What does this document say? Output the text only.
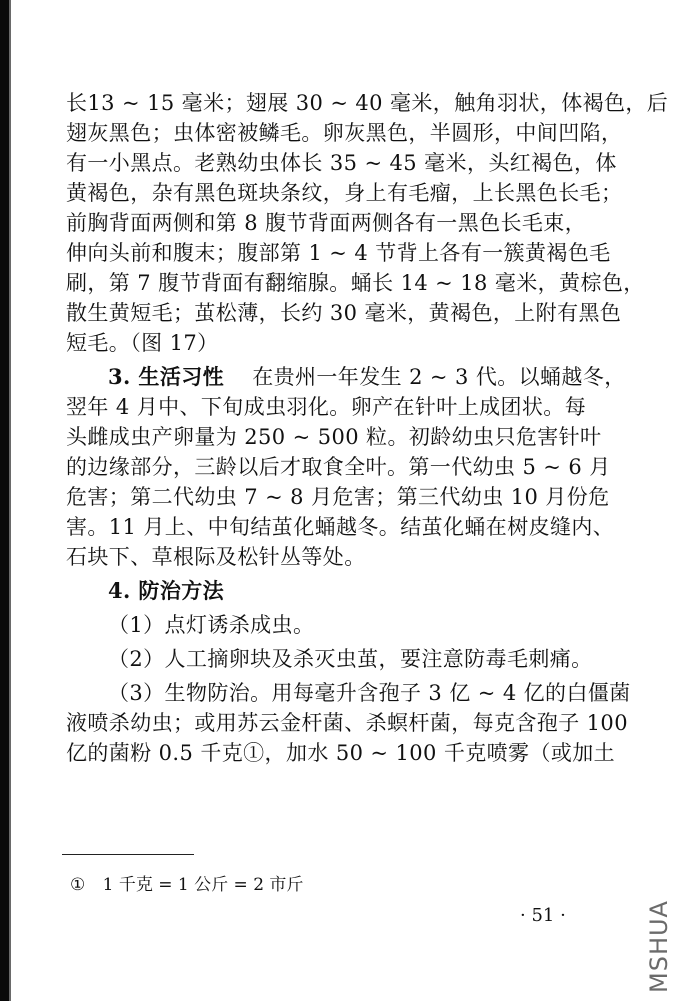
长13 ~ 15 毫米；翅展 30 ~ 40 毫米，触角羽状，体褐色，后
翅灰黑色；虫体密被鳞毛。卵灰黑色，半圆形，中间凹陷，
有一小黑点。老熟幼虫体长 35 ~ 45 毫米，头红褐色，体
黄褐色，杂有黑色斑块条纹，身上有毛瘤，上长黑色长毛；
前胸背面两侧和第 8 腹节背面两侧各有一黑色长毛束，
伸向头前和腹末；腹部第 1 ~ 4 节背上各有一簇黄褐色毛
刷，第 7 腹节背面有翻缩腺。蛹长 14 ~ 18 毫米，黄棕色，
散生黄短毛；茧松薄，长约 30 毫米，黄褐色，上附有黑色
短毛。（图 17）
3. 生活习性 在贵州一年发生 2 ~ 3 代。以蛹越冬，
翌年 4 月中、下旬成虫羽化。卵产在针叶上成团状。每
头雌成虫产卵量为 250 ~ 500 粒。初龄幼虫只危害针叶
的边缘部分，三龄以后才取食全叶。第一代幼虫 5 ~ 6 月
危害；第二代幼虫 7 ~ 8 月危害；第三代幼虫 10 月份危
害。11 月上、中旬结茧化蛹越冬。结茧化蛹在树皮缝内、
石块下、草根际及松针丛等处。
4. 防治方法
（1）点灯诱杀成虫。
（2）人工摘卵块及杀灭虫茧，要注意防毒毛刺痛。
（3）生物防治。用每毫升含孢子 3 亿 ~ 4 亿的白僵菌
液喷杀幼虫；或用苏云金杆菌、杀螟杆菌，每克含孢子 100
亿的菌粉 0.5 千克①，加水 50 ~ 100 千克喷雾（或加土
① 1 千克 = 1 公斤 = 2 市斤
· 51 ·	MSHUA
